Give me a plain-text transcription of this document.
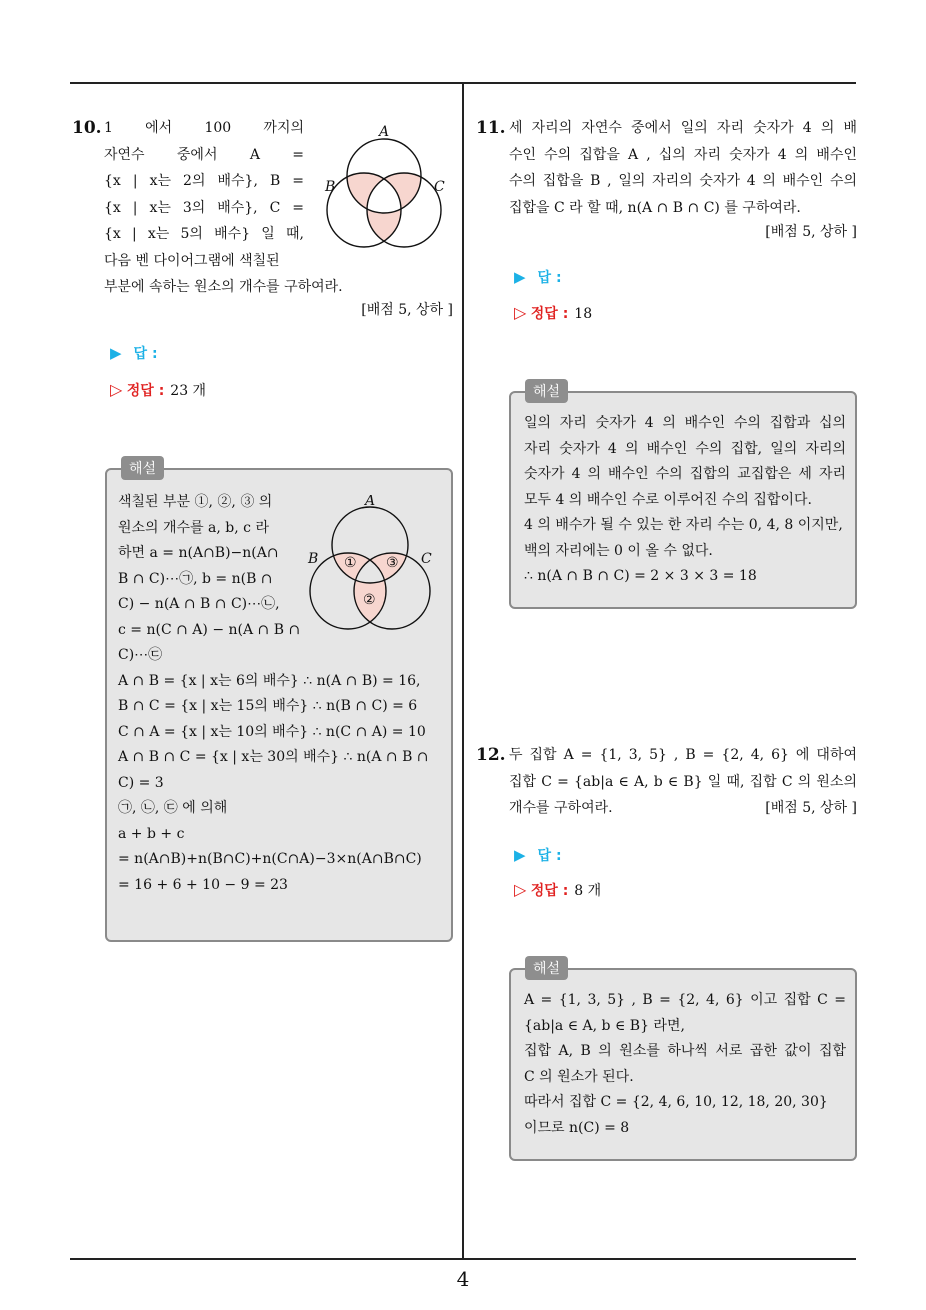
4
10. 1 에서 100 까지의
자연수 중에서 A =
{x | x는 2의 배수}, B =
{x | x는 3의 배수}, C =
{x | x는 5의 배수} 일 때,
다음 벤 다이어그램에 색칠된
부분에 속하는 원소의 개수를 구하여라.
[배점 5, 상하 ]
A
B	C
▶ 답 :
▷ 정답 : 23 개
해설
색칠된 부분 ①, ②, ③ 의
원소의 개수를 a, b, c 라
하면 a = n(A∩B)−n(A∩
B ∩ C)⋯㉠, b = n(B ∩
C) − n(A ∩ B ∩ C)⋯㉡,
c = n(C ∩ A) − n(A ∩ B ∩
C)⋯㉢
A ∩ B = {x | x는 6의 배수} ∴ n(A ∩ B) = 16,
B ∩ C = {x | x는 15의 배수} ∴ n(B ∩ C) = 6
C ∩ A = {x | x는 10의 배수} ∴ n(C ∩ A) = 10
A ∩ B ∩ C = {x | x는 30의 배수} ∴ n(A ∩ B ∩
C) = 3
㉠, ㉡, ㉢ 에 의해
a + b + c
= n(A∩B)+n(B∩C)+n(C∩A)−3×n(A∩B∩C)
= 16 + 6 + 10 − 9 = 23
A
B	C
① ③
②
11. 세 자리의 자연수 중에서 일의 자리 숫자가 4 의 배
수인 수의 집합을 A , 십의 자리 숫자가 4 의 배수인
수의 집합을 B , 일의 자리의 숫자가 4 의 배수인 수의
집합을 C 라 할 때, n(A ∩ B ∩ C) 를 구하여라.
[배점 5, 상하 ]
▶ 답 :
▷ 정답 : 18
해설
일의 자리 숫자가 4 의 배수인 수의 집합과 십의
자리 숫자가 4 의 배수인 수의 집합, 일의 자리의
숫자가 4 의 배수인 수의 집합의 교집합은 세 자리
모두 4 의 배수인 수로 이루어진 수의 집합이다.
4 의 배수가 될 수 있는 한 자리 수는 0, 4, 8 이지만,
백의 자리에는 0 이 올 수 없다.
∴ n(A ∩ B ∩ C) = 2 × 3 × 3 = 18
12. 두 집합 A = {1, 3, 5} , B = {2, 4, 6} 에 대하여
집합 C = {ab|a ∈ A, b ∈ B} 일 때, 집합 C 의 원소의
개수를 구하여라.	[배점 5, 상하 ]
▶ 답 :
▷ 정답 : 8 개
해설
A = {1, 3, 5} , B = {2, 4, 6} 이고 집합 C =
{ab|a ∈ A, b ∈ B} 라면,
집합 A, B 의 원소를 하나씩 서로 곱한 값이 집합
C 의 원소가 된다.
따라서 집합 C = {2, 4, 6, 10, 12, 18, 20, 30}
이므로 n(C) = 8
